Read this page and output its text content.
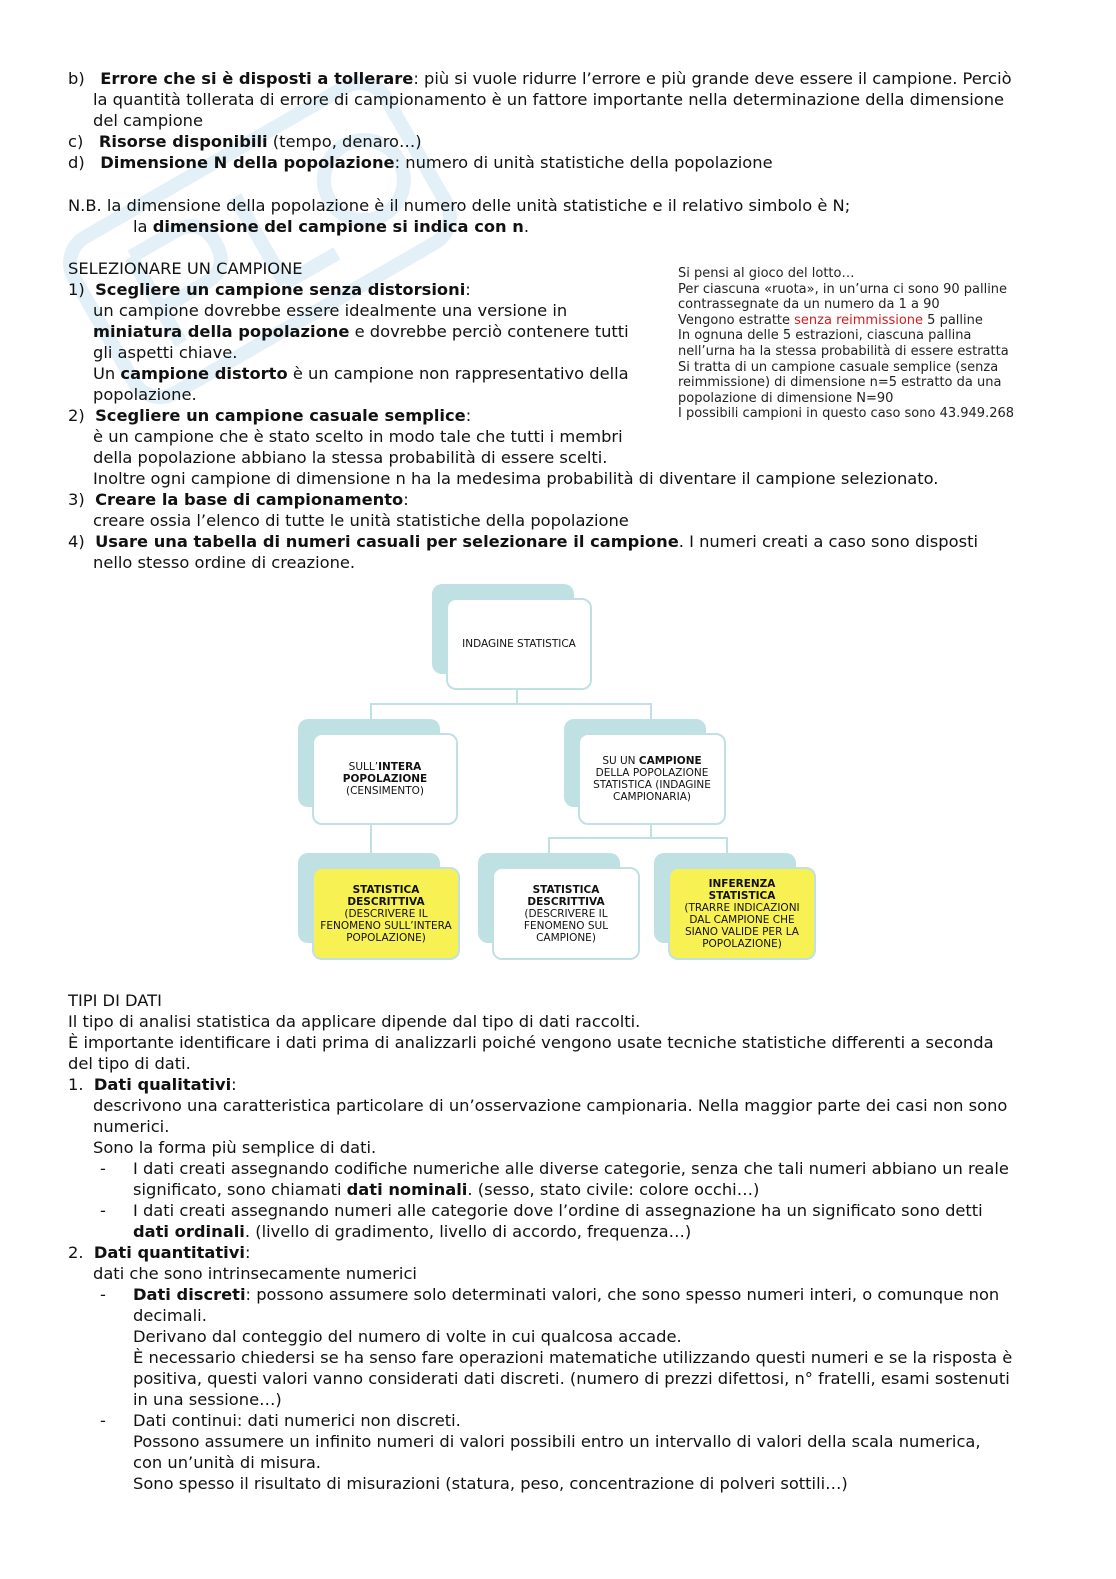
b) Errore che si è disposti a tollerare: più si vuole ridurre l’errore e più grande deve essere il campione. Perciò
la quantità tollerata di errore di campionamento è un fattore importante nella determinazione della dimensione
del campione
c) Risorse disponibili (tempo, denaro…)
d) Dimensione N della popolazione: numero di unità statistiche della popolazione
N.B. la dimensione della popolazione è il numero delle unità statistiche e il relativo simbolo è N;
la dimensione del campione si indica con n.
SELEZIONARE UN CAMPIONE
1) Scegliere un campione senza distorsioni:
un campione dovrebbe essere idealmente una versione in
miniatura della popolazione e dovrebbe perciò contenere tutti
gli aspetti chiave.
Un campione distorto è un campione non rappresentativo della
popolazione.
2) Scegliere un campione casuale semplice:
è un campione che è stato scelto in modo tale che tutti i membri
della popolazione abbiano la stessa probabilità di essere scelti.
Inoltre ogni campione di dimensione n ha la medesima probabilità di diventare il campione selezionato.
3) Creare la base di campionamento:
creare ossia l’elenco di tutte le unità statistiche della popolazione
4) Usare una tabella di numeri casuali per selezionare il campione. I numeri creati a caso sono disposti
nello stesso ordine di creazione.
Si pensi al gioco del lotto…
Per ciascuna «ruota», in un’urna ci sono 90 palline
contrassegnate da un numero da 1 a 90
Vengono estratte senza reimmissione 5 palline
In ognuna delle 5 estrazioni, ciascuna pallina
nell’urna ha la stessa probabilità di essere estratta
Si tratta di un campione casuale semplice (senza
reimmissione) di dimensione n=5 estratto da una
popolazione di dimensione N=90
I possibili campioni in questo caso sono 43.949.268
INDAGINE STATISTICA
SULL’INTERA POPOLAZIONE
(CENSIMENTO)
SU UN CAMPIONE DELLA POPOLAZIONE STATISTICA (INDAGINE CAMPIONARIA)
STATISTICA DESCRITTIVA
(DESCRIVERE IL FENOMENO SULL’INTERA POPOLAZIONE)
STATISTICA DESCRITTIVA
(DESCRIVERE IL FENOMENO SUL CAMPIONE)
INFERENZA STATISTICA
(TRARRE INDICAZIONI DAL CAMPIONE CHE SIANO VALIDE PER LA POPOLAZIONE)
TIPI DI DATI
Il tipo di analisi statistica da applicare dipende dal tipo di dati raccolti.
È importante identificare i dati prima di analizzarli poiché vengono usate tecniche statistiche differenti a seconda
del tipo di dati.
1. Dati qualitativi:
descrivono una caratteristica particolare di un’osservazione campionaria. Nella maggior parte dei casi non sono
numerici.
Sono la forma più semplice di dati.
- I dati creati assegnando codifiche numeriche alle diverse categorie, senza che tali numeri abbiano un reale
significato, sono chiamati dati nominali. (sesso, stato civile: colore occhi…)
- I dati creati assegnando numeri alle categorie dove l’ordine di assegnazione ha un significato sono detti
dati ordinali. (livello di gradimento, livello di accordo, frequenza…)
2. Dati quantitativi:
dati che sono intrinsecamente numerici
- Dati discreti: possono assumere solo determinati valori, che sono spesso numeri interi, o comunque non
decimali.
Derivano dal conteggio del numero di volte in cui qualcosa accade.
È necessario chiedersi se ha senso fare operazioni matematiche utilizzando questi numeri e se la risposta è
positiva, questi valori vanno considerati dati discreti. (numero di prezzi difettosi, n° fratelli, esami sostenuti
in una sessione…)
- Dati continui: dati numerici non discreti.
Possono assumere un infinito numeri di valori possibili entro un intervallo di valori della scala numerica,
con un’unità di misura.
Sono spesso il risultato di misurazioni (statura, peso, concentrazione di polveri sottili…)
